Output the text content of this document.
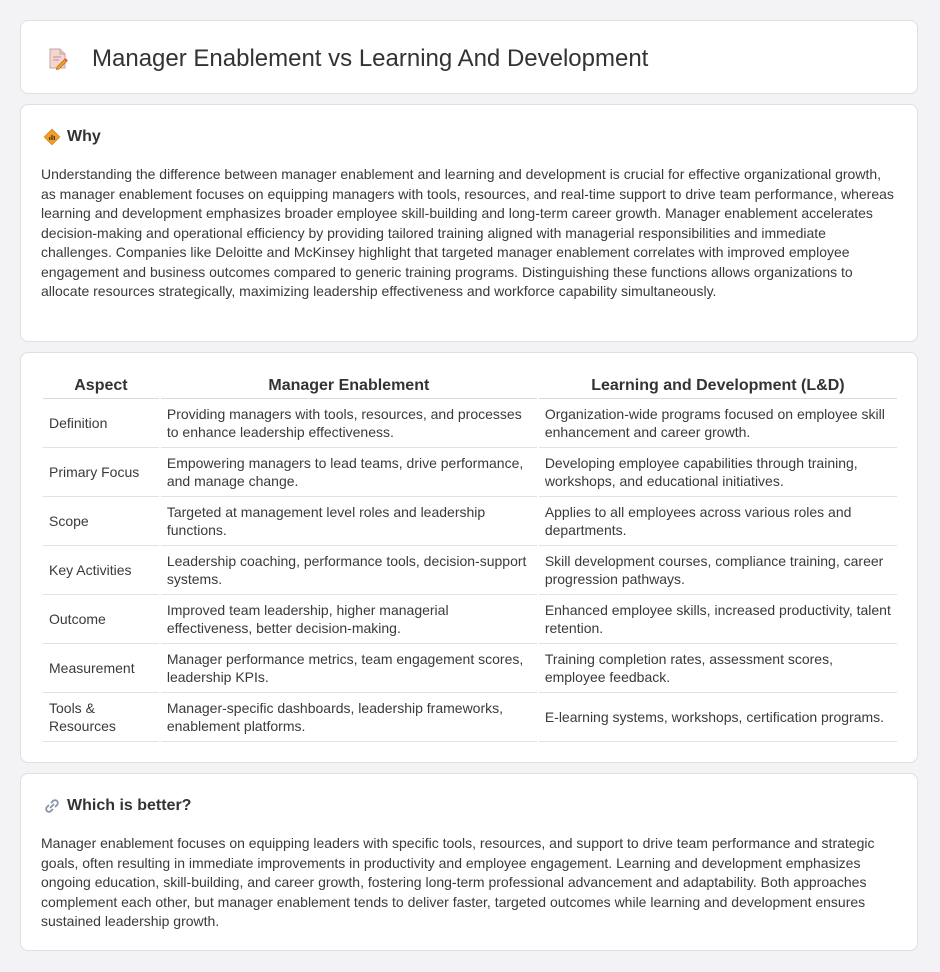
Manager Enablement vs Learning And Development
Why

Understanding the difference between manager enablement and learning and development is crucial for effective organizational growth, as manager enablement focuses on equipping managers with tools, resources, and real-time support to drive team performance, whereas learning and development emphasizes broader employee skill-building and long-term career growth. Manager enablement accelerates decision-making and operational efficiency by providing tailored training aligned with managerial responsibilities and immediate challenges. Companies like Deloitte and McKinsey highlight that targeted manager enablement correlates with improved employee engagement and business outcomes compared to generic training programs. Distinguishing these functions allows organizations to allocate resources strategically, maximizing leadership effectiveness and workforce capability simultaneously.

Aspect	Manager Enablement	Learning and Development (L&D)
Definition	Providing managers with tools, resources, and processes to enhance leadership effectiveness.	Organization-wide programs focused on employee skill enhancement and career growth.
Primary Focus	Empowering managers to lead teams, drive performance, and manage change.	Developing employee capabilities through training, workshops, and educational initiatives.
Scope	Targeted at management level roles and leadership functions.	Applies to all employees across various roles and departments.
Key Activities	Leadership coaching, performance tools, decision-support systems.	Skill development courses, compliance training, career progression pathways.
Outcome	Improved team leadership, higher managerial effectiveness, better decision-making.	Enhanced employee skills, increased productivity, talent retention.
Measurement	Manager performance metrics, team engagement scores, leadership KPIs.	Training completion rates, assessment scores, employee feedback.
Tools & Resources	Manager-specific dashboards, leadership frameworks, enablement platforms.	E-learning systems, workshops, certification programs.
Which is better?

Manager enablement focuses on equipping leaders with specific tools, resources, and support to drive team performance and strategic goals, often resulting in immediate improvements in productivity and employee engagement. Learning and development emphasizes ongoing education, skill-building, and career growth, fostering long-term professional advancement and adaptability. Both approaches complement each other, but manager enablement tends to deliver faster, targeted outcomes while learning and development ensures sustained leadership growth.
